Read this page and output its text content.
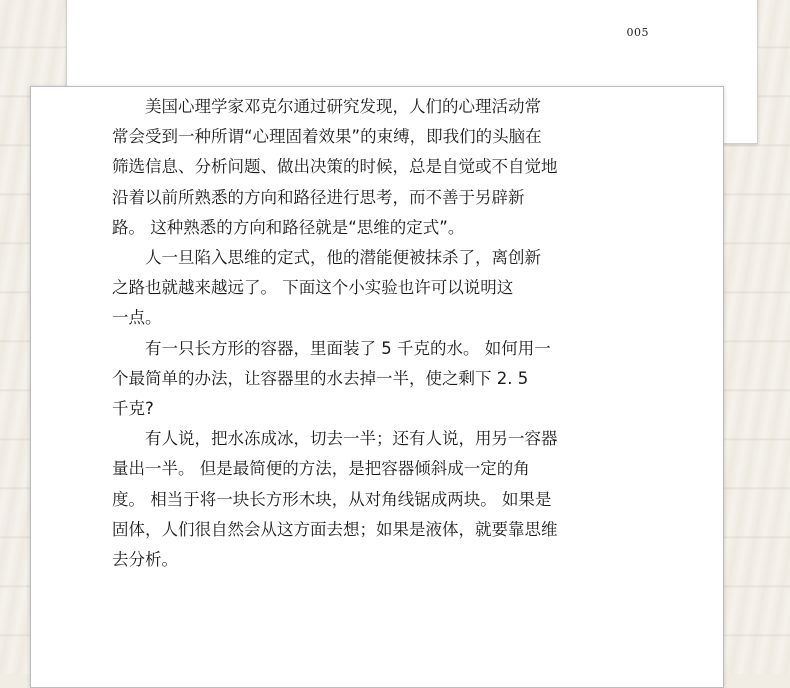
005
美国心理学家邓克尔通过研究发现，人们的心理活动常
常会受到一种所谓“心理固着效果”的束缚，即我们的头脑在
筛选信息、分析问题、做出决策的时候，总是自觉或不自觉地
沿着以前所熟悉的方向和路径进行思考，而不善于另辟新
路。 这种熟悉的方向和路径就是“思维的定式”。
人一旦陷入思维的定式，他的潜能便被抹杀了，离创新
之路也就越来越远了。 下面这个小实验也许可以说明这
一点。
有一只长方形的容器，里面装了 5 千克的水。 如何用一
个最简单的办法，让容器里的水去掉一半，使之剩下 2. 5
千克?
有人说，把水冻成冰，切去一半；还有人说，用另一容器
量出一半。 但是最简便的方法，是把容器倾斜成一定的角
度。 相当于将一块长方形木块，从对角线锯成两块。 如果是
固体，人们很自然会从这方面去想；如果是液体，就要靠思维
去分析。
